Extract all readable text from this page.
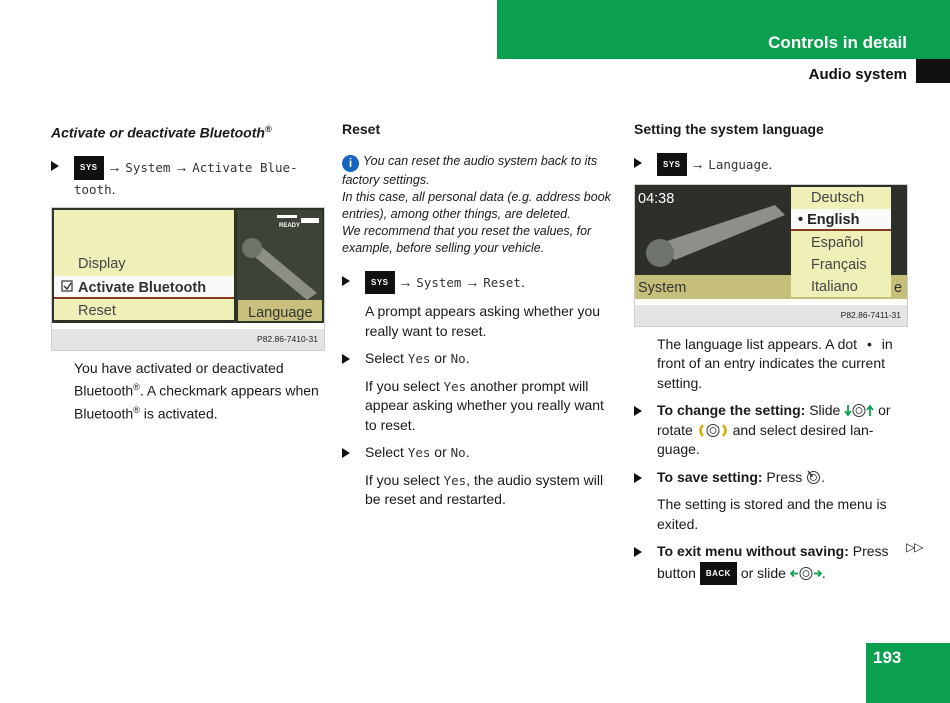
Controls in detail
Audio system
Activate or deactivate Bluetooth®
SYS → System → Activate Blue-
tooth.
READY
Display
Activate Bluetooth
Reset	Language
P82.86-7410-31
You have activated or deactivated Bluetooth®. A checkmark appears when Bluetooth® is activated.
Reset
i You can reset the audio system back to its factory settings.
In this case, all personal data (e.g. address book entries), among other things, are deleted.
We recommend that you reset the values, for example, before selling your vehicle.
SYS → System → Reset.
A prompt appears asking whether you really want to reset.
Select Yes or No.
If you select Yes another prompt will appear asking whether you really want to reset.
Select Yes or No.
If you select Yes, the audio system will be reset and restarted.
Setting the system language
SYS → Language.
04:38	Deutsch
• English
Español
Français
Italiano
System	e
P82.86-7411-31
The language list appears. A dot • in front of an entry indicates the current setting.
To change the setting: Slide  or rotate  and select desired lan-guage.
To save setting: Press .
The setting is stored and the menu is exited.
To exit menu without saving: Press button BACK or slide .
▷▷
193
